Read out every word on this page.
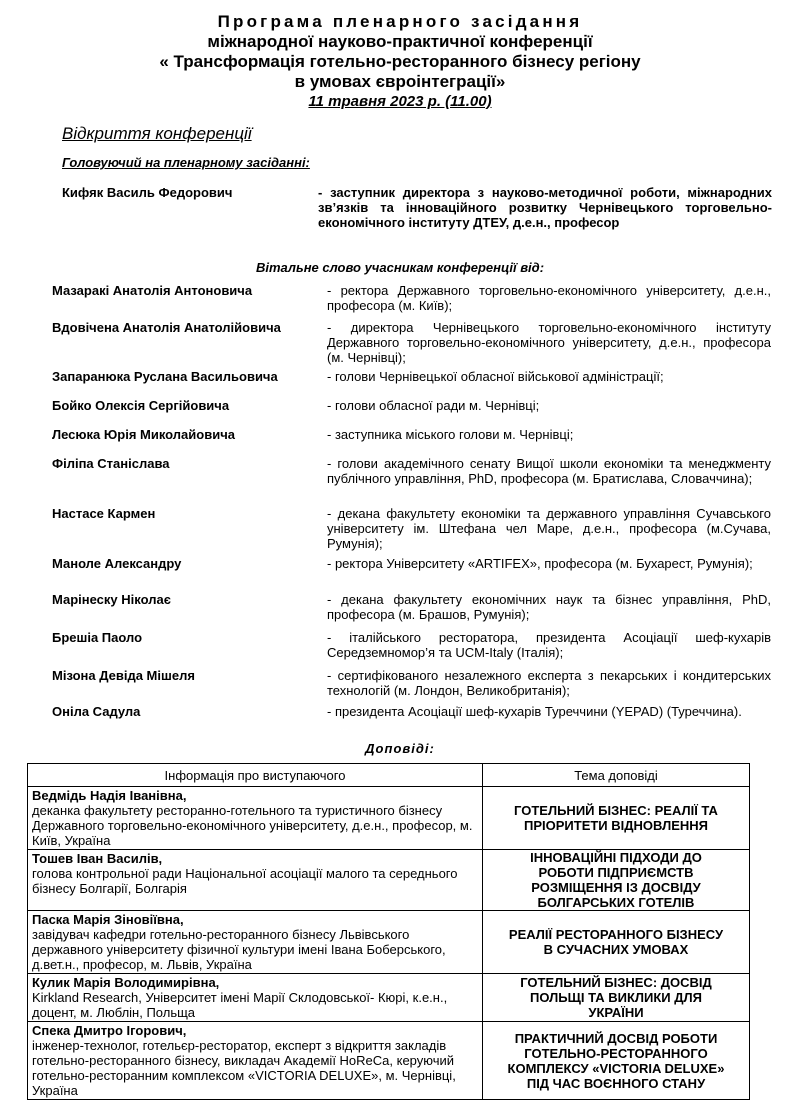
Програма пленарного засідання
міжнародної науково-практичної конференції
« Трансформація готельно-ресторанного бізнесу регіону
в умовах євроінтеграції»
11 травня 2023 р. (11.00)
Відкриття конференції
Головуючий на пленарному засіданні:
Кифяк Василь Федорович	- заступник директора з науково-методичної роботи, міжнародних зв’язків та інноваційного розвитку Чернівецького торговельно-економічного інституту ДТЕУ, д.е.н., професор
Вітальне слово учасникам конференції від:
Мазаракі Анатолія Антоновича	- ректора Державного торговельно-економічного університету, д.е.н., професора (м. Київ);
Вдовічена Анатолія Анатолійовича	- директора Чернівецького торговельно-економічного інституту Державного торговельно-економічного університету, д.е.н., професора (м. Чернівці);
Запаранюка Руслана Васильовича	- голови Чернівецької обласної військової адміністрації;
Бойко Олексія Сергійовича	- голови обласної ради м. Чернівці;
Лесюка Юрія Миколайовича	- заступника міського голови м. Чернівці;
Філіпа Станіслава	- голови академічного сенату Вищої школи економіки та менеджменту публічного управління, PhD, професора (м. Братислава, Словаччина);
Настасе Кармен	- декана факультету економіки та державного управління Сучавського університету ім. Штефана чел Маре, д.е.н., професора (м.Сучава, Румунія);
Маноле Александру	- ректора Університету «ARTIFEX», професора (м. Бухарест, Румунія);
Марінеску Ніколає	- декана факультету економічних наук та бізнес управління, PhD, професора (м. Брашов, Румунія);
Брешіа Паоло	- італійського ресторатора, президента Асоціації шеф-кухарів Середземномор’я та UCM-Italy (Італія);
Мізона Девіда Мішеля	- сертифікованого незалежного експерта з пекарських і кондитерських технологій (м. Лондон, Великобританія);
Оніла Садула	- президента Асоціації шеф-кухарів Туреччини (YEPAD) (Туреччина).
Доповіді:
Інформація про виступаючого	Тема доповіді
Ведмідь Надія Іванівна,
деканка факультету ресторанно-готельного та туристичного бізнесу Державного торговельно-економічного університету, д.е.н., професор, м. Київ, Україна	ГОТЕЛЬНИЙ БІЗНЕС: РЕАЛІЇ ТА ПРІОРИТЕТИ ВІДНОВЛЕННЯ
Тошев Іван Василів,
голова контрольної ради Національної асоціації малого та середнього бізнесу Болгарії, Болгарія	ІННОВАЦІЙНІ ПІДХОДИ ДО РОБОТИ ПІДПРИЄМСТВ РОЗМІЩЕННЯ ІЗ ДОСВІДУ БОЛГАРСЬКИХ ГОТЕЛІВ
Паска Марія Зіновіївна,
завідувач кафедри готельно-ресторанного бізнесу Львівського державного університету фізичної культури імені Івана Боберського, д.вет.н., професор, м. Львів, Україна	РЕАЛІЇ РЕСТОРАННОГО БІЗНЕСУ В СУЧАСНИХ УМОВАХ
Кулик Марія Володимирівна,
Kirkland Research, Університет імені Марії Склодовської- Кюрі, к.е.н., доцент, м. Люблін, Польща	ГОТЕЛЬНИЙ БІЗНЕС: ДОСВІД ПОЛЬЩІ ТА ВИКЛИКИ ДЛЯ УКРАЇНИ
Спека Дмитро Ігорович,
інженер-технолог, готельєр-ресторатор, експерт з відкриття закладів готельно-ресторанного бізнесу, викладач Академії HoReCa, керуючий готельно-ресторанним комплексом «VICTORIA DELUXE», м. Чернівці, Україна	ПРАКТИЧНИЙ ДОСВІД РОБОТИ ГОТЕЛЬНО-РЕСТОРАННОГО КОМПЛЕКСУ «VICTORIA DELUXE» ПІД ЧАС ВОЄННОГО СТАНУ
